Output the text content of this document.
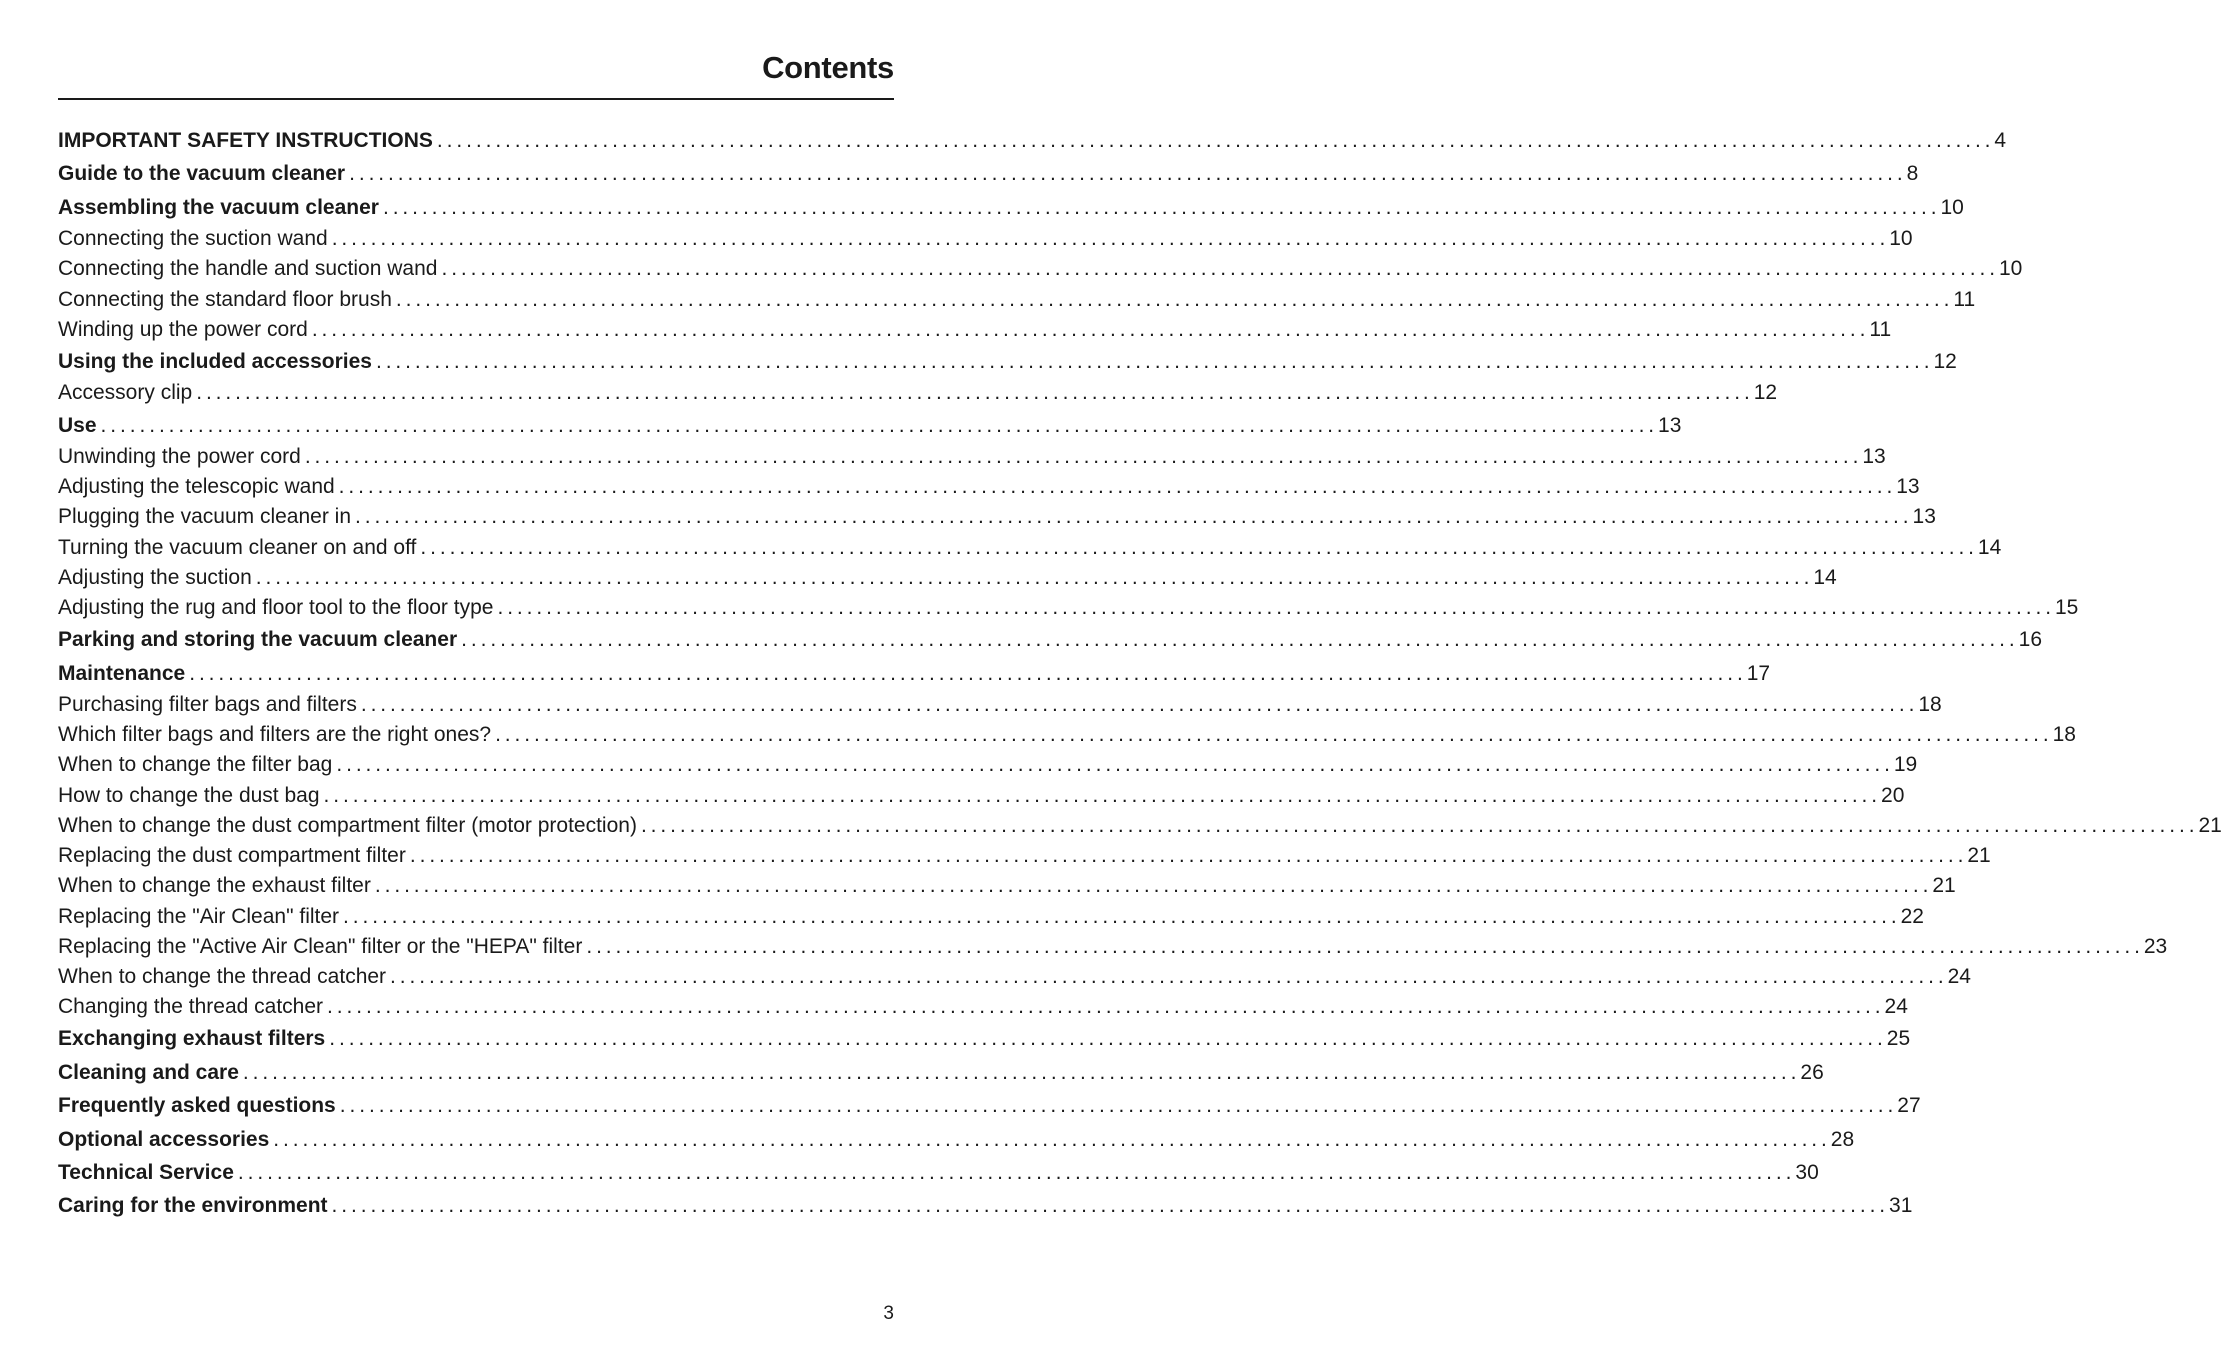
Contents
IMPORTANT SAFETY INSTRUCTIONS ................................................................................................................................................................ 4
Guide to the vacuum cleaner ................................................................................................................................................................ 8
Assembling the vacuum cleaner ................................................................................................................................................................ 10
Connecting the suction wand ................................................................................................................................................................ 10
Connecting the handle and suction wand ................................................................................................................................................................ 10
Connecting the standard floor brush ................................................................................................................................................................ 11
Winding up the power cord ................................................................................................................................................................ 11
Using the included accessories ................................................................................................................................................................ 12
Accessory clip ................................................................................................................................................................ 12
Use ................................................................................................................................................................ 13
Unwinding the power cord ................................................................................................................................................................ 13
Adjusting the telescopic wand ................................................................................................................................................................ 13
Plugging the vacuum cleaner in ................................................................................................................................................................ 13
Turning the vacuum cleaner on and off ................................................................................................................................................................ 14
Adjusting the suction ................................................................................................................................................................ 14
Adjusting the rug and floor tool to the floor type ................................................................................................................................................................ 15
Parking and storing the vacuum cleaner ................................................................................................................................................................ 16
Maintenance ................................................................................................................................................................ 17
Purchasing filter bags and filters ................................................................................................................................................................ 18
Which filter bags and filters are the right ones? ................................................................................................................................................................ 18
When to change the filter bag ................................................................................................................................................................ 19
How to change the dust bag ................................................................................................................................................................ 20
When to change the dust compartment filter (motor protection) ................................................................................................................................................................ 21
Replacing the dust compartment filter ................................................................................................................................................................ 21
When to change the exhaust filter ................................................................................................................................................................ 21
Replacing the "Air Clean" filter ................................................................................................................................................................ 22
Replacing the "Active Air Clean" filter or the "HEPA" filter ................................................................................................................................................................ 23
When to change the thread catcher ................................................................................................................................................................ 24
Changing the thread catcher ................................................................................................................................................................ 24
Exchanging exhaust filters ................................................................................................................................................................ 25
Cleaning and care ................................................................................................................................................................ 26
Frequently asked questions ................................................................................................................................................................ 27
Optional accessories ................................................................................................................................................................ 28
Technical Service ................................................................................................................................................................ 30
Caring for the environment ................................................................................................................................................................ 31
3
